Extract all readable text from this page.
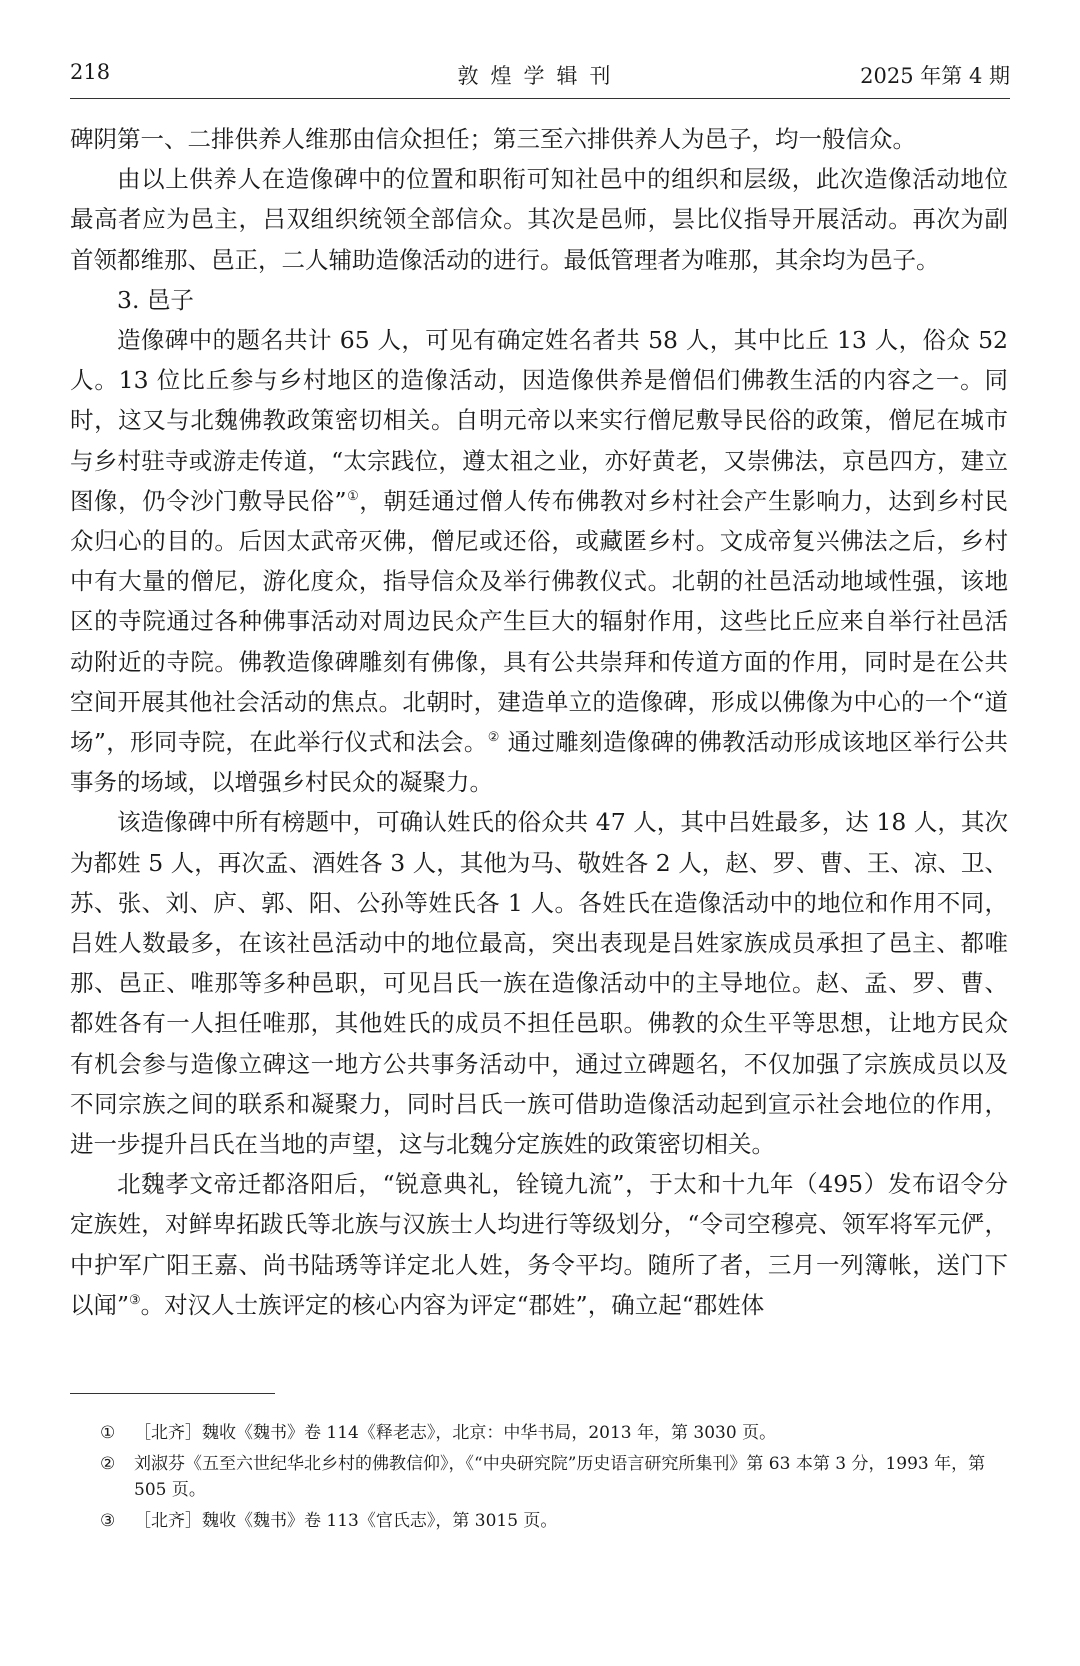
218	敦煌学辑刊	2025 年第 4 期

碑阴第一、二排供养人维那由信众担任；第三至六排供养人为邑子，均一般信众。

由以上供养人在造像碑中的位置和职衔可知社邑中的组织和层级，此次造像活动地位最高者应为邑主，吕双组织统领全部信众。其次是邑师，昙比仪指导开展活动。再次为副首领都维那、邑正，二人辅助造像活动的进行。最低管理者为唯那，其余均为邑子。

3. 邑子

造像碑中的题名共计 65 人，可见有确定姓名者共 58 人，其中比丘 13 人，俗众 52 人。13 位比丘参与乡村地区的造像活动，因造像供养是僧侣们佛教生活的内容之一。同时，这又与北魏佛教政策密切相关。自明元帝以来实行僧尼敷导民俗的政策，僧尼在城市与乡村驻寺或游走传道，“太宗践位，遵太祖之业，亦好黄老，又崇佛法，京邑四方，建立图像，仍令沙门敷导民俗”①，朝廷通过僧人传布佛教对乡村社会产生影响力，达到乡村民众归心的目的。后因太武帝灭佛，僧尼或还俗，或藏匿乡村。文成帝复兴佛法之后，乡村中有大量的僧尼，游化度众，指导信众及举行佛教仪式。北朝的社邑活动地域性强，该地区的寺院通过各种佛事活动对周边民众产生巨大的辐射作用，这些比丘应来自举行社邑活动附近的寺院。佛教造像碑雕刻有佛像，具有公共崇拜和传道方面的作用，同时是在公共空间开展其他社会活动的焦点。北朝时，建造单立的造像碑，形成以佛像为中心的一个“道场”，形同寺院，在此举行仪式和法会。② 通过雕刻造像碑的佛教活动形成该地区举行公共事务的场域，以增强乡村民众的凝聚力。

该造像碑中所有榜题中，可确认姓氏的俗众共 47 人，其中吕姓最多，达 18 人，其次为都姓 5 人，再次孟、酒姓各 3 人，其他为马、敬姓各 2 人，赵、罗、曹、王、凉、卫、苏、张、刘、庐、郭、阳、公孙等姓氏各 1 人。各姓氏在造像活动中的地位和作用不同，吕姓人数最多，在该社邑活动中的地位最高，突出表现是吕姓家族成员承担了邑主、都唯那、邑正、唯那等多种邑职，可见吕氏一族在造像活动中的主导地位。赵、孟、罗、曹、都姓各有一人担任唯那，其他姓氏的成员不担任邑职。佛教的众生平等思想，让地方民众有机会参与造像立碑这一地方公共事务活动中，通过立碑题名，不仅加强了宗族成员以及不同宗族之间的联系和凝聚力，同时吕氏一族可借助造像活动起到宣示社会地位的作用，进一步提升吕氏在当地的声望，这与北魏分定族姓的政策密切相关。

北魏孝文帝迁都洛阳后，“锐意典礼，铨镜九流”，于太和十九年（495）发布诏令分定族姓，对鲜卑拓跋氏等北族与汉族士人均进行等级划分，“令司空穆亮、领军将军元俨，中护军广阳王嘉、尚书陆琇等详定北人姓，务令平均。随所了者，三月一列簿帐，送门下以闻”③。对汉人士族评定的核心内容为评定“郡姓”，确立起“郡姓体

① ［北齐］魏收《魏书》卷 114《释老志》，北京：中华书局，2013 年，第 3030 页。
② 刘淑芬《五至六世纪华北乡村的佛教信仰》，《“中央研究院”历史语言研究所集刊》第 63 本第 3 分，1993 年，第 505 页。
③ ［北齐］魏收《魏书》卷 113《官氏志》，第 3015 页。
